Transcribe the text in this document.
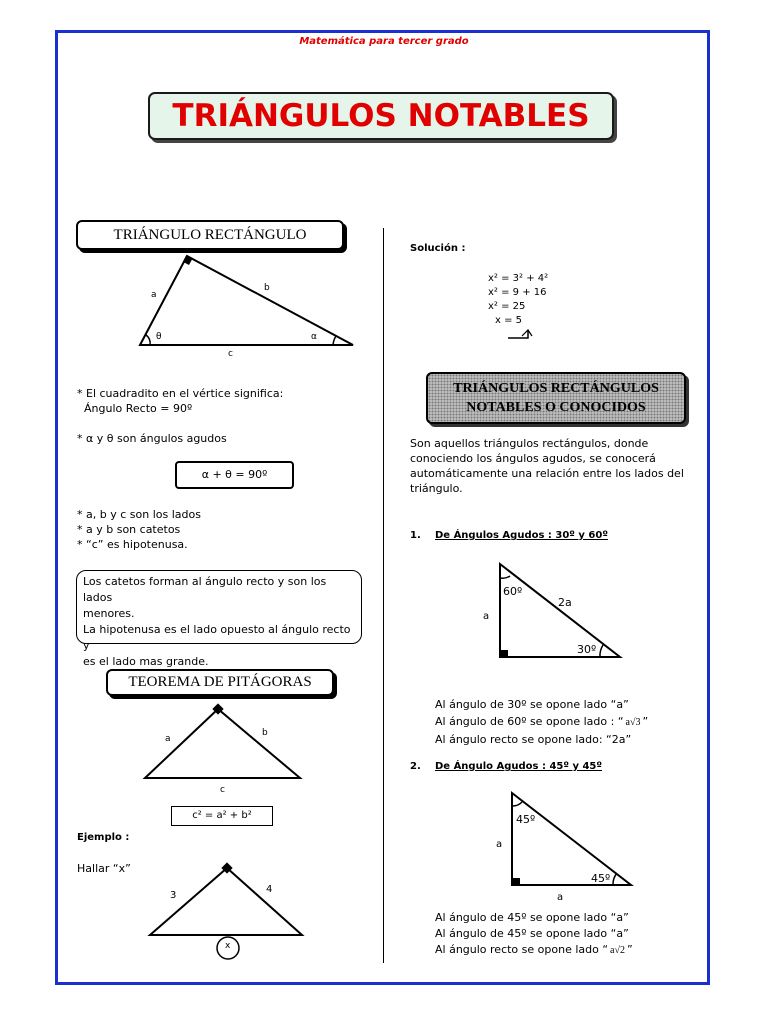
Matemática para tercer grado
TRIÁNGULOS NOTABLES
TRIÁNGULO RECTÁNGULO
a
b
c
θ	α
* El cuadradito en el vértice significa:
Ángulo Recto = 90º
* α y θ son ángulos agudos
α + θ = 90º
* a, b y c son los lados
* a y b son catetos
* “c” es hipotenusa.
Los catetos forman al ángulo recto y son los lados
menores.
La hipotenusa es el lado opuesto al ángulo recto y
es el lado mas grande.
TEOREMA DE PITÁGORAS
a
b
c
c² = a² + b²
Ejemplo :
Hallar “x”
3
4
x
Solución :
x² = 3² + 4²
x² = 9 + 16
x² = 25
x = 5
TRIÁNGULOS RECTÁNGULOS
NOTABLES O CONOCIDOS
Son aquellos triángulos rectángulos, donde
conociendo los ángulos agudos, se conocerá
automáticamente una relación entre los lados del
triángulo.
1. De Ángulos Agudos : 30º y 60º
60º
2a
a
30º
Al ángulo de 30º se opone lado “a”
Al ángulo de 60º se opone lado : “ a√3 ”
Al ángulo recto se opone lado: “2a”
2. De Ángulo Agudos : 45º y 45º
45º
a
45º
a
Al ángulo de 45º se opone lado “a”
Al ángulo de 45º se opone lado “a”
Al ángulo recto se opone lado “ a√2 ”
